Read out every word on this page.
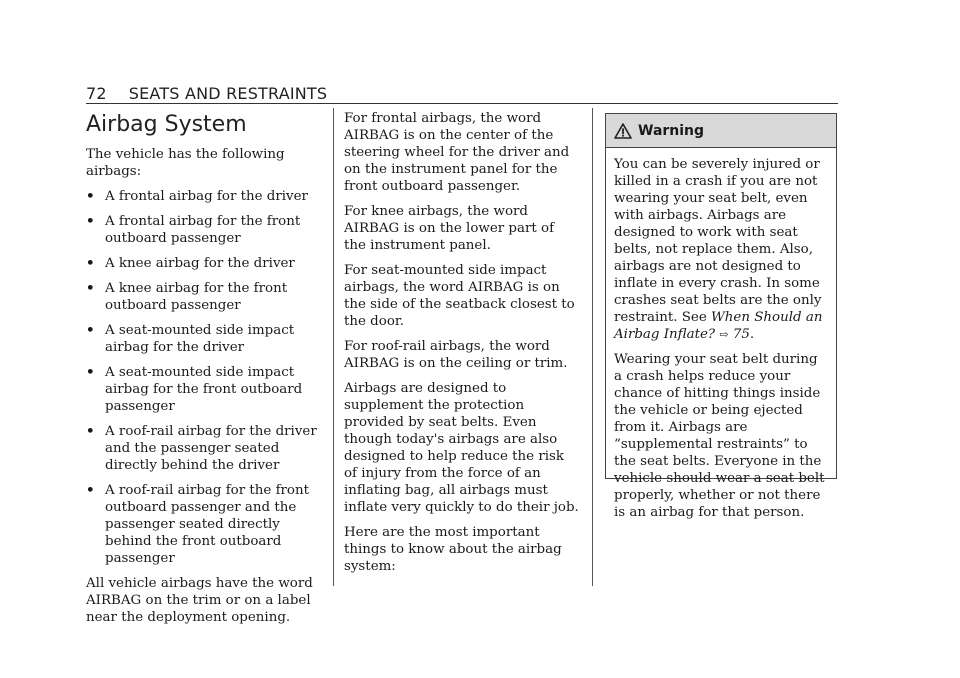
72 SEATS AND RESTRAINTS
Airbag System

The vehicle has the following airbags:

• A frontal airbag for the driver
• A frontal airbag for the front outboard passenger
• A knee airbag for the driver
• A knee airbag for the front outboard passenger
• A seat-mounted side impact airbag for the driver
• A seat-mounted side impact airbag for the front outboard passenger
• A roof-rail airbag for the driver and the passenger seated directly behind the driver
• A roof-rail airbag for the front outboard passenger and the passenger seated directly behind the front outboard passenger

All vehicle airbags have the word AIRBAG on the trim or on a label near the deployment opening.

For frontal airbags, the word AIRBAG is on the center of the steering wheel for the driver and on the instrument panel for the front outboard passenger.

For knee airbags, the word AIRBAG is on the lower part of the instrument panel.

For seat-mounted side impact airbags, the word AIRBAG is on the side of the seatback closest to the door.

For roof-rail airbags, the word AIRBAG is on the ceiling or trim.

Airbags are designed to supplement the protection provided by seat belts. Even though today's airbags are also designed to help reduce the risk of injury from the force of an inflating bag, all airbags must inflate very quickly to do their job.

Here are the most important things to know about the airbag system:

Warning

You can be severely injured or killed in a crash if you are not wearing your seat belt, even with airbags. Airbags are designed to work with seat belts, not replace them. Also, airbags are not designed to inflate in every crash. In some crashes seat belts are the only restraint. See When Should an Airbag Inflate? ⇨ 75.

Wearing your seat belt during a crash helps reduce your chance of hitting things inside the vehicle or being ejected from it. Airbags are “supplemental restraints” to the seat belts. Everyone in the vehicle should wear a seat belt properly, whether or not there is an airbag for that person.
